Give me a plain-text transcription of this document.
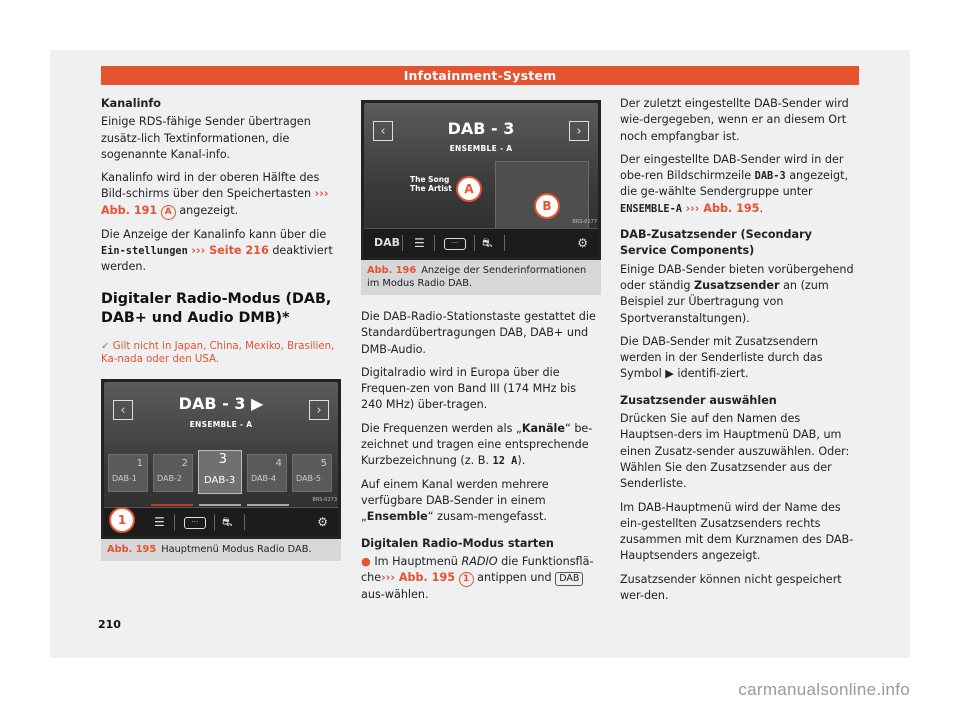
Infotainment-System

Kanalinfo

Einige RDS-fähige Sender übertragen zusätz-lich Textinformationen, die sogenannte Kanal-info.

Kanalinfo wird in der oberen Hälfte des Bild-schirms über den Speichertasten ››› Abb. 191 A angezeigt.

Die Anzeige der Kanalinfo kann über die Ein-stellungen ››› Seite 216 deaktiviert werden.

Digitaler Radio-Modus (DAB, DAB+ und Audio DMB)*

✓ Gilt nicht in Japan, China, Mexiko, Brasilien, Ka-nada oder den USA.

‹	›
DAB - 3 ▶
ENSEMBLE - A
1
DAB-1
2
DAB-2
3
DAB-3
4
DAB-4
5
DAB-5
☰	···	⛐	⚙
1
BRS-0273
Abb. 195 Hauptmenü Modus Radio DAB.
‹	›
DAB - 3
ENSEMBLE - A
The Song
The Artist
DAB ☰	···	⛐	⚙
A
B
BRS-0277
Abb. 196 Anzeige der Senderinformationen im Modus Radio DAB.

Die DAB-Radio-Stationstaste gestattet die Standardübertragungen DAB, DAB+ und DMB-Audio.

Digitalradio wird in Europa über die Frequen-zen von Band III (174 MHz bis 240 MHz) über-tragen.

Die Frequenzen werden als „Kanäle“ be-zeichnet und tragen eine entsprechende Kurzbezeichnung (z. B. 12 A).

Auf einem Kanal werden mehrere verfügbare DAB-Sender in einem „Ensemble“ zusam-mengefasst.

Digitalen Radio-Modus starten

● Im Hauptmenü RADIO die Funktionsflä-che››› Abb. 195 1 antippen und DAB aus-wählen.

Der zuletzt eingestellte DAB-Sender wird wie-dergegeben, wenn er an diesem Ort noch empfangbar ist.

Der eingestellte DAB-Sender wird in der obe-ren Bildschirmzeile DAB-3 angezeigt, die ge-wählte Sendergruppe unter ENSEMBLE-A ››› Abb. 195.

DAB-Zusatzsender (Secondary Service Components)

Einige DAB-Sender bieten vorübergehend oder ständig Zusatzsender an (zum Beispiel zur Übertragung von Sportveranstaltungen).

Die DAB-Sender mit Zusatzsendern werden in der Senderliste durch das Symbol ▶ identifi-ziert.

Zusatzsender auswählen

Drücken Sie auf den Namen des Hauptsen-ders im Hauptmenü DAB, um einen Zusatz-sender auszuwählen. Oder: Wählen Sie den Zusatzsender aus der Senderliste.

Im DAB-Hauptmenü wird der Name des ein-gestellten Zusatzsenders rechts zusammen mit dem Kurznamen des DAB-Hauptsenders angezeigt.

Zusatzsender können nicht gespeichert wer-den.

210
carmanualsonline.info
